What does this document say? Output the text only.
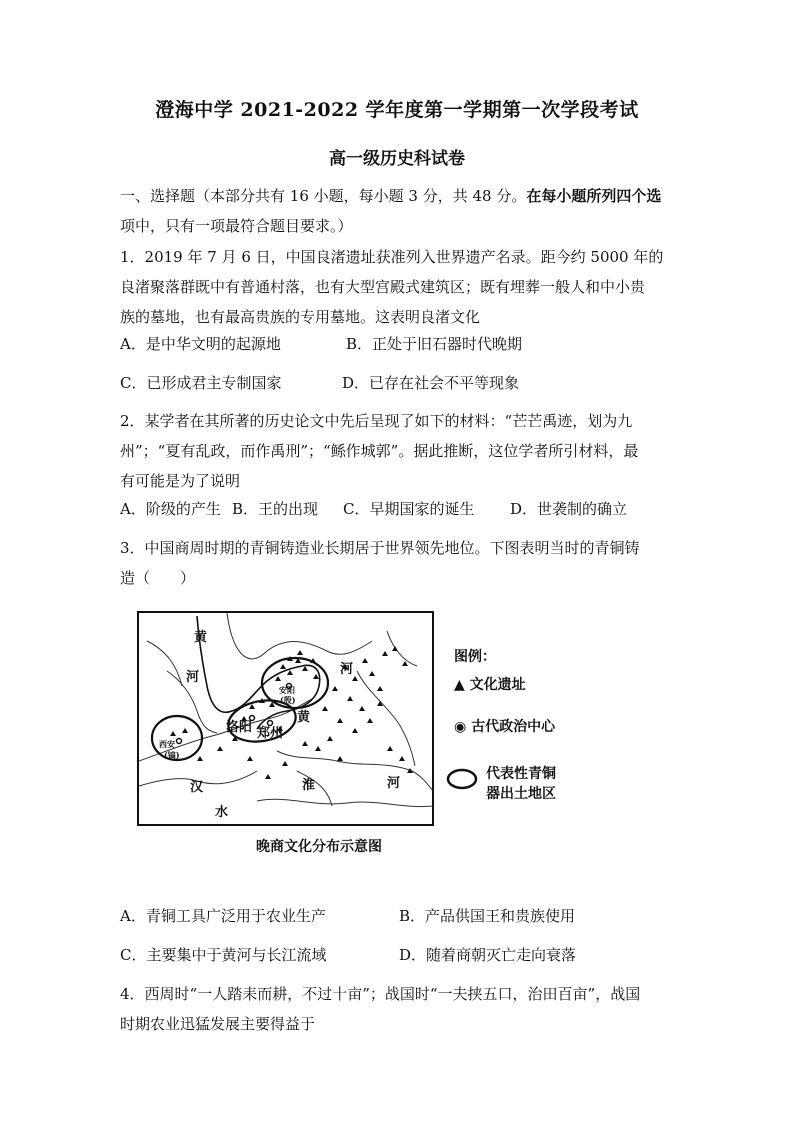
澄海中学 2021-2022 学年度第一学期第一次学段考试
高一级历史科试卷
一、选择题（本部分共有 16 小题，每小题 3 分，共 48 分。在每小题所列四个选
项中，只有一项最符合题目要求。）
1．2019 年 7 月 6 日，中国良渚遗址获准列入世界遗产名录。距今约 5000 年的
良渚聚落群既中有普通村落，也有大型宫殿式建筑区；既有埋葬一般人和中小贵
族的墓地，也有最高贵族的专用墓地。这表明良渚文化
A．是中华文明的起源地	B．正处于旧石器时代晚期
C．已形成君主专制国家	D．已存在社会不平等现象
2．某学者在其所著的历史论文中先后呈现了如下的材料：“芒芒禹迹，划为九
州”；“夏有乱政，而作禹刑”；“鲧作城郭”。据此推断，这位学者所引材料，最
有可能是为了说明
A．阶级的产生 B．王的出现 C．早期国家的诞生 D．世袭制的确立
3．中国商周时期的青铜铸造业长期居于世界领先地位。下图表明当时的青铜铸
造（　　）
黄
河
河
黄
河
淮
汉
水
洛阳 郑州
安阳
(殷)
西安
(镐)
图例：
▲ 文化遗址
◉ 古代政治中心
代表性青铜
器出土地区
晚商文化分布示意图
A．青铜工具广泛用于农业生产	B．产品供国王和贵族使用
C．主要集中于黄河与长江流域	D．随着商朝灭亡走向衰落
4．西周时“一人踏耒而耕，不过十亩”；战国时“一夫挟五口，治田百亩”，战国
时期农业迅猛发展主要得益于
